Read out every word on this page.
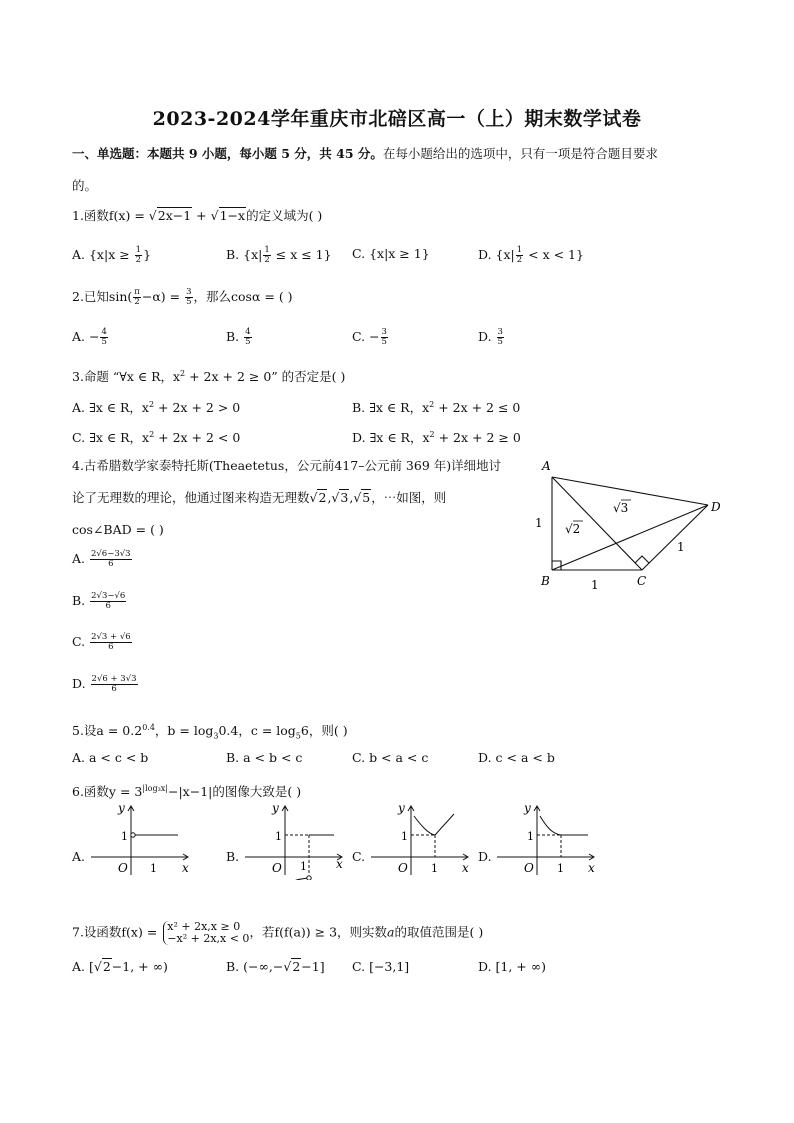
2023-2024学年重庆市北碚区高一（上）期末数学试卷
一、单选题：本题共 9 小题，每小题 5 分，共 45 分。在每小题给出的选项中，只有一项是符合题目要求
的。
1.函数f(x) = √2x−1 + √1−x的定义域为( )
A. {$x|x \ge \frac{1}{2}$ }	B. $\{x| \frac{1}{2} \le x \le 1\}$ C. {x|x ≥ 1}	D. $\{x| \frac{1}{2} < x < 1\}$
2.已知$\sin( \frac{\pi}{2} -\alpha) = \frac{3}{5}$ ，那么cosα = ( )
A. − $\frac{4}{5}$	B. $\frac{4}{5}$	C. − $\frac{3}{5}$	D. $\frac{3}{5}$
3.命题 “∀x ∈ R，$x^2 + 2x + 2 \ge 0$” 的否定是( )
A. ∃x ∈ R，$x^2 + 2x + 2 > 0$	B. ∃x ∈ R，$x^2 + 2x + 2 \le 0$
C. ∃x ∈ R，$x^2 + 2x + 2 < 0$	D. ∃x ∈ R，$x^2 + 2x + 2 \ge 0$
4.古希腊数学家泰特托斯(Theaetetus，公元前417–公元前 369 年)详细地讨
论了无理数的理论，他通过图来构造无理数√2,√3,√5，⋯如图，则
cos∠BAD = ( )
A. $\frac{2√6-3√3}{6}$
B. $\frac{2√3-√6}{6}$
C. $\frac{2√3 + √6}{6}$
D. $\frac{2√6 + 3√3}{6}$
A
B	C
D
1
1
1
√2
√3
5.设$a = 0.2^{0.4}$，$b = \log_30.4$，$c = \log_56$，则( )
A. a < c < b	B. a < b < c	C. b < a < c	D. c < a < b
6.函数$y = 3^{|log_3x|}-|x-1|$的图像大致是( )
A.
y
x
O
1
1
B.
y
x
O
1
1
C.
y
x
O
1
1
D.
y
x
O
1
1
7.设函数f(x) = x² + 2x,x ≥ 0
−x² + 2x,x < 0 ，若f(f(a)) ≥ 3，则实数a的取值范围是( )
A. [√2−1, + ∞)	B. (−∞,−√2−1] C. [−3,1]	D. [1, + ∞)
